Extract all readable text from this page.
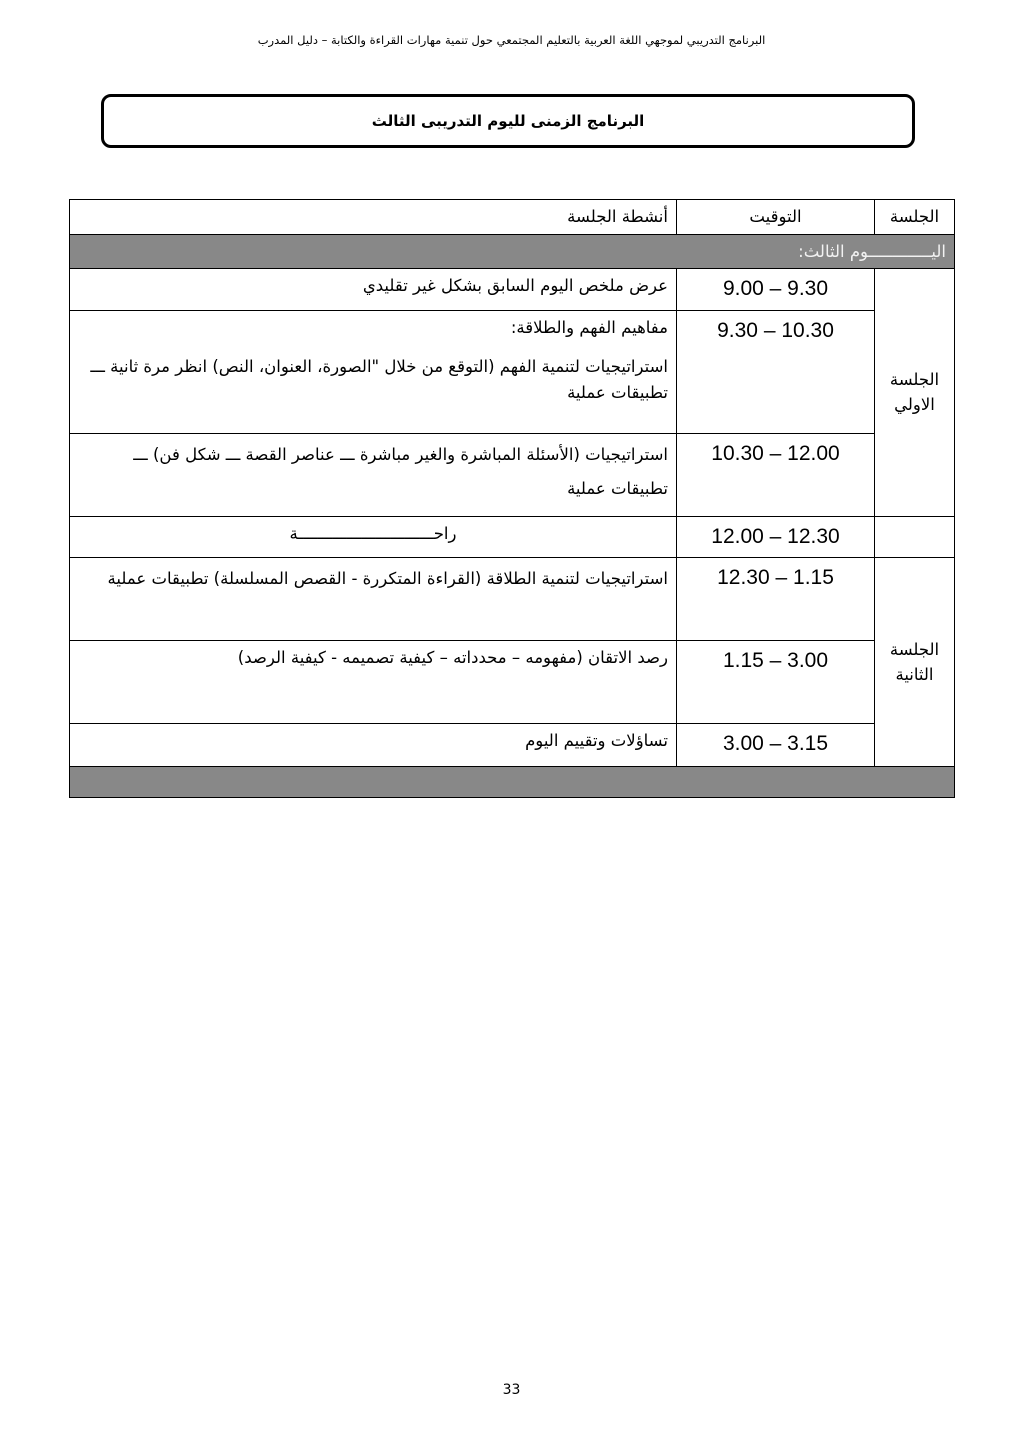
البرنامج التدريبي لموجهي اللغة العربية بالتعليم المجتمعي حول تنمية مهارات القراءة والكتابة – دليل المدرب
البرنامج الزمنى لليوم التدريبى الثالث
الجلسة	التوقيت	أنشطة الجلسة
اليـــــــــــــوم الثالث:		
الجلسة الاولي	9.00 – 9.30	عرض ملخص اليوم السابق بشكل غير تقليدي
	9.30 – 10.30	مفاهيم الفهم والطلاقة:

استراتيجيات لتنمية الفهم (التوقع من خلال "الصورة، العنوان، النص) انظر مرة ثانية ـــ تطبيقات عملية

	10.30 – 12.00	استراتيجيات (الأسئلة المباشرة والغير مباشرة ـــ عناصر القصة ـــ شكل فن) ـــ تطبيقات عملية

	12.00 – 12.30	راحــــــــــــــــــــــــــــة
الجلسة الثانية	12.30 – 1.15	استراتيجيات لتنمية الطلاقة (القراءة المتكررة - القصص المسلسلة) تطبيقات عملية

	1.15 – 3.00	رصد الاتقان (مفهومه – محدداته – كيفية تصميمه - كيفية الرصد)
	3.00 – 3.15	تساؤلات وتقييم اليوم

33
